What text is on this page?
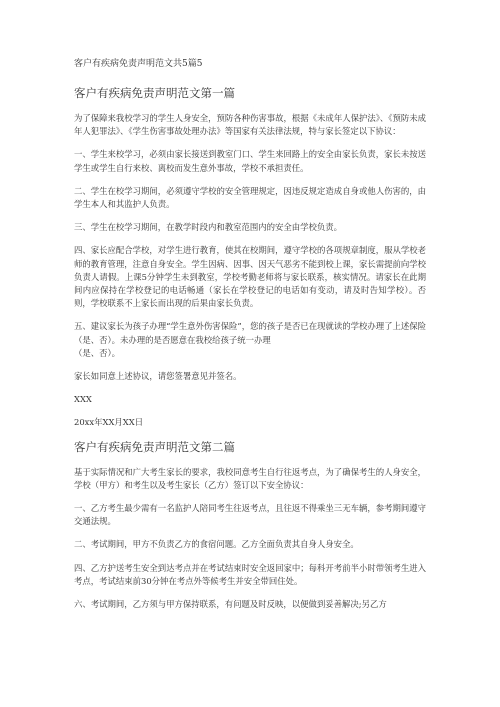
客户有疾病免责声明范文共5篇5
客户有疾病免责声明范文第一篇

为了保障来我校学习的学生人身安全，预防各种伤害事故，根据《未成年人保护法》、《预防未成年人犯罪法》、《学生伤害事故处理办法》等国家有关法律法规，特与家长签定以下协议：

一、学生来校学习，必须由家长接送到教室门口、学生来回路上的安全由家长负责，家长未按送学生或学生自行来校、离校而发生意外事故，学校不承担责任。

二、学生在校学习期间，必须遵守学校的安全管理规定，因违反规定造成自身或他人伤害的，由学生本人和其监护人负责。

三、学生在校学习期间，在教学时段内和教室范围内的安全由学校负责。

四、家长应配合学校，对学生进行教育，使其在校期间，遵守学校的各项规章制度，服从学校老师的教育管理，注意自身安全。学生因病、因事、因天气恶劣不能到校上课，家长需提前向学校负责人请假。上课5分钟学生未到教室，学校考勤老师将与家长联系，核实情况。请家长在此期间内应保持在学校登记的电话畅通（家长在学校登记的电话如有变动，请及时告知学校）。否则，学校联系不上家长而出现的后果由家长负责。

五、建议家长为孩子办理“学生意外伤害保险”，您的孩子是否已在现就读的学校办理了上述保险（是、否）。未办理的是否愿意在我校给孩子统一办理
（是、否）。

家长如同意上述协议，请您签署意见并签名。

XXX

20xx年XX月XX日

客户有疾病免责声明范文第二篇

基于实际情况和广大考生家长的要求，我校同意考生自行往返考点，为了确保考生的人身安全，学校（甲方）和考生以及考生家长（乙方）签订以下安全协议：

一、乙方考生最少需有一名监护人陪同考生往返考点，且往返不得乘坐三无车辆，参考期间遵守交通法规。

二、考试期间，甲方不负责乙方的食宿问题。乙方全面负责其自身人身安全。

四、乙方护送考生安全到达考点并在考试结束时安全返回家中；每科开考前半小时带领考生进入考点，考试结束前30分钟在考点外等候考生并安全带回住处。

六、考试期间，乙方须与甲方保持联系，有问题及时反映，以便做到妥善解决;另乙方
